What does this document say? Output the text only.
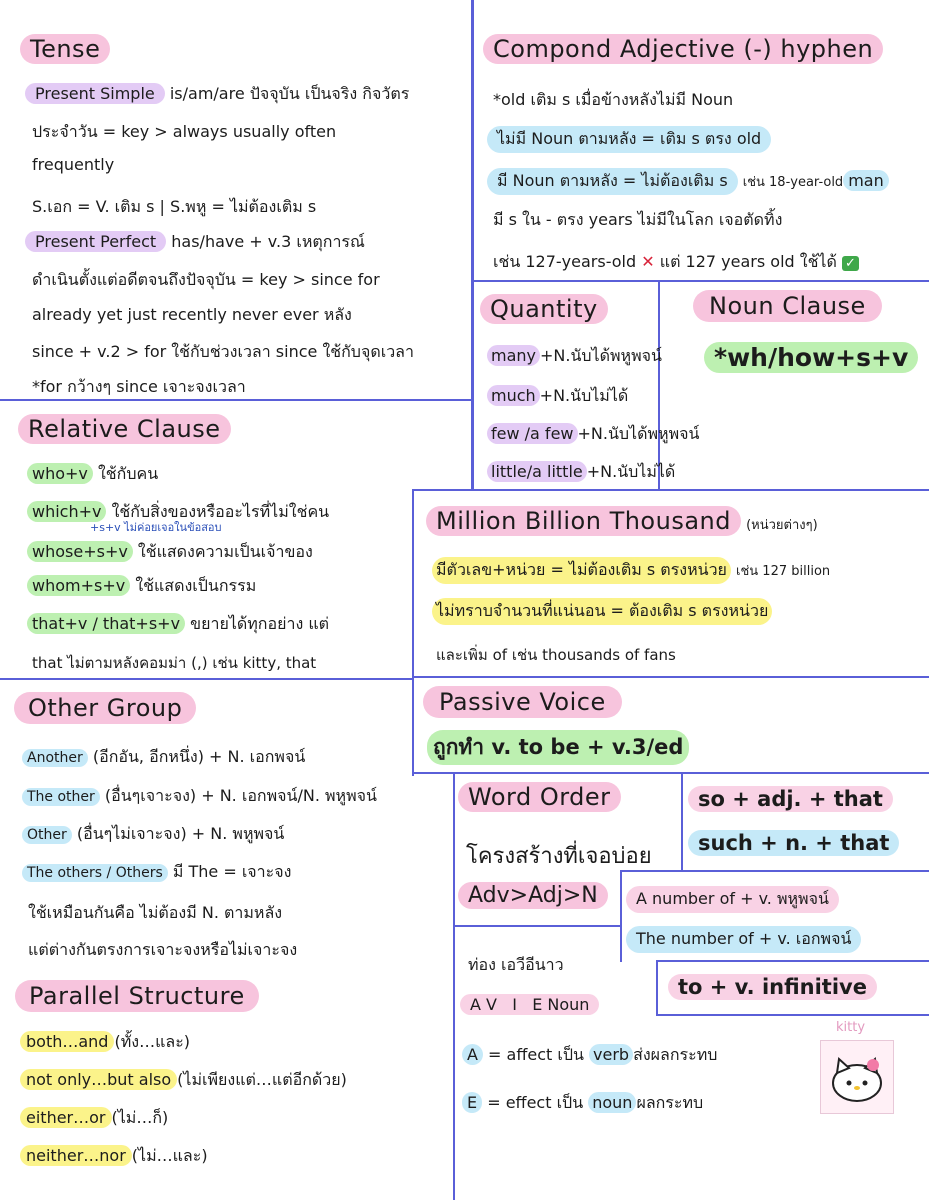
Tense
Present Simple is/am/are ปัจจุบัน เป็นจริง กิจวัตร
ประจำวัน = key > always usually often
frequently
S.เอก = V. เติม s | S.พหู = ไม่ต้องเติม s
Present Perfect has/have + v.3 เหตุการณ์
ดำเนินตั้งแต่อดีตจนถึงปัจจุบัน = key > since for
already yet just recently never ever หลัง
since + v.2 > for ใช้กับช่วงเวลา since ใช้กับจุดเวลา
*for กว้างๆ since เจาะจงเวลา
Compond Adjective (-) hyphen
*old เติม s เมื่อข้างหลังไม่มี Noun
ไม่มี Noun ตามหลัง = เติม s ตรง old
มี Noun ตามหลัง = ไม่ต้องเติม s เช่น 18-year-old man
มี s ใน - ตรง years ไม่มีในโลก เจอตัดทิ้ง
เช่น 127-years-old ✕ แต่ 127 years old ใช้ได้ ✓
Quantity
many +N.นับได้พหูพจน์
much +N.นับไม่ได้
few /a few +N.นับได้พหูพจน์
little/a little +N.นับไม่ได้
Noun Clause
*wh/how+s+v
Relative Clause
who+v ใช้กับคน
which+v ใช้กับสิ่งของหรืออะไรที่ไม่ใช่คน
+s+v ไม่ค่อยเจอในข้อสอบ
whose+s+v ใช้แสดงความเป็นเจ้าของ
whom+s+v ใช้แสดงเป็นกรรม
that+v / that+s+v ขยายได้ทุกอย่าง แต่
that ไม่ตามหลังคอมม่า (,) เช่น kitty, that
Million Billion Thousand (หน่วยต่างๆ)
มีตัวเลข+หน่วย = ไม่ต้องเติม s ตรงหน่วย เช่น 127 billion
ไม่ทราบจำนวนที่แน่นอน = ต้องเติม s ตรงหน่วย
และเพิ่ม of เช่น thousands of fans
Other Group
Another (อีกอัน, อีกหนึ่ง) + N. เอกพจน์
The other (อื่นๆเจาะจง) + N. เอกพจน์/N. พหูพจน์
Other (อื่นๆไม่เจาะจง) + N. พหูพจน์
The others / Others มี The = เจาะจง
ใช้เหมือนกันคือ ไม่ต้องมี N. ตามหลัง
แต่ต่างกันตรงการเจาะจงหรือไม่เจาะจง
Passive Voice
ถูกทำ v. to be + v.3/ed
Word Order
โครงสร้างที่เจอบ่อย
Adv>Adj>N
so + adj. + that
such + n. + that
A number of + v. พหูพจน์
The number of + v. เอกพจน์
to + v. infinitive
ท่อง เอวีอีนาว
A V   I   E Noun
A = affect เป็น verb ส่งผลกระทบ
E = effect เป็น noun ผลกระทบ
kitty
Parallel Structure
both…and (ทั้ง…และ)
not only…but also (ไม่เพียงแต่…แต่อีกด้วย)
either…or (ไม่…ก็)
neither…nor (ไม่…และ)
